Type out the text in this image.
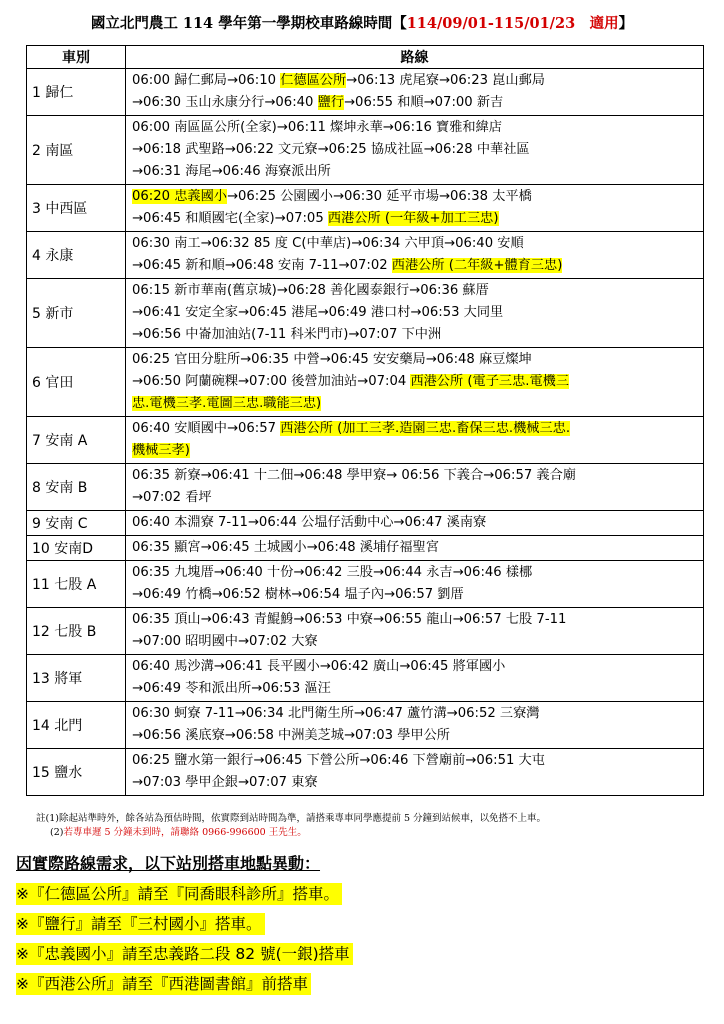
國立北門農工 114 學年第一學期校車路線時間【114/09/01-115/01/23　 適用】
車別	路線
1 歸仁	06:00 歸仁郵局→06:10 仁德區公所→06:13 虎尾寮→06:23 崑山郵局
→06:30 玉山永康分行→06:40 鹽行→06:55 和順→07:00 新吉

2 南區	06:00 南區區公所(全家)→06:11 燦坤永華→06:16 寶雅和緯店
→06:18 武聖路→06:22 文元寮→06:25 協成社區→06:28 中華社區
→06:31 海尾→06:46 海寮派出所

3 中西區	06:20 忠義國小→06:25 公園國小→06:30 延平市場→06:38 太平橋
→06:45 和順國宅(全家)→07:05 西港公所 (一年級+加工三忠)

4 永康	06:30 南工→06:32 85 度 C(中華店)→06:34 六甲頂→06:40 安順
→06:45 新和順→06:48 安南 7-11→07:02 西港公所 (二年級+體育三忠)

5 新市	06:15 新市華南(舊京城)→06:28 善化國泰銀行→06:36 蘇厝
→06:41 安定全家→06:45 港尾→06:49 港口村→06:53 大同里
→06:56 中崙加油站(7-11 科米門市)→07:07 下中洲

6 官田	06:25 官田分駐所→06:35 中營→06:45 安安藥局→06:48 麻豆燦坤
→06:50 阿蘭碗粿→07:00 後營加油站→07:04 西港公所 (電子三忠.電機三
忠.電機三孝.電圖三忠.職能三忠)

7 安南 A	06:40 安順國中→06:57 西港公所 (加工三孝.造園三忠.畜保三忠.機械三忠.
機械三孝)

8 安南 B	06:35 新寮→06:41 十二佃→06:48 學甲寮→ 06:56 下義合→06:57 義合廟
→07:02 看坪

9 安南 C	06:40 本淵寮 7-11→06:44 公塭仔活動中心→06:47 溪南寮

10 安南D	06:35 顯宮→06:45 土城國小→06:48 溪埔仔福聖宮

11 七股 A	06:35 九塊厝→06:40 十份→06:42 三股→06:44 永吉→06:46 樣梛
→06:49 竹橋→06:52 樹林→06:54 塭子內→06:57 劉厝

12 七股 B	06:35 頂山→06:43 青鯤鯓→06:53 中寮→06:55 龍山→06:57 七股 7-11
→07:00 昭明國中→07:02 大寮

13 將軍	06:40 馬沙溝→06:41 長平國小→06:42 廣山→06:45 將軍國小
→06:49 苓和派出所→06:53 漚汪

14 北門	06:30 蚵寮 7-11→06:34 北門衛生所→06:47 蘆竹溝→06:52 三寮灣
→06:56 溪底寮→06:58 中洲美芝城→07:03 學甲公所

15 鹽水	06:25 鹽水第一銀行→06:45 下營公所→06:46 下營廟前→06:51 大屯
→07:03 學甲企銀→07:07 東寮
註(1)除起站準時外，餘各站為預估時間，依實際到站時間為準，請搭乘專車同學應提前 5 分鐘到站候車，以免搭不上車。
(2)若專車遲 5 分鐘未到時，請聯絡 0966-996600 王先生。
因實際路線需求，以下站別搭車地點異動：
※『仁德區公所』請至『同喬眼科診所』搭車。
※『鹽行』請至『三村國小』搭車。
※『忠義國小』請至忠義路二段 82 號(一銀)搭車
※『西港公所』請至『西港圖書館』前搭車
